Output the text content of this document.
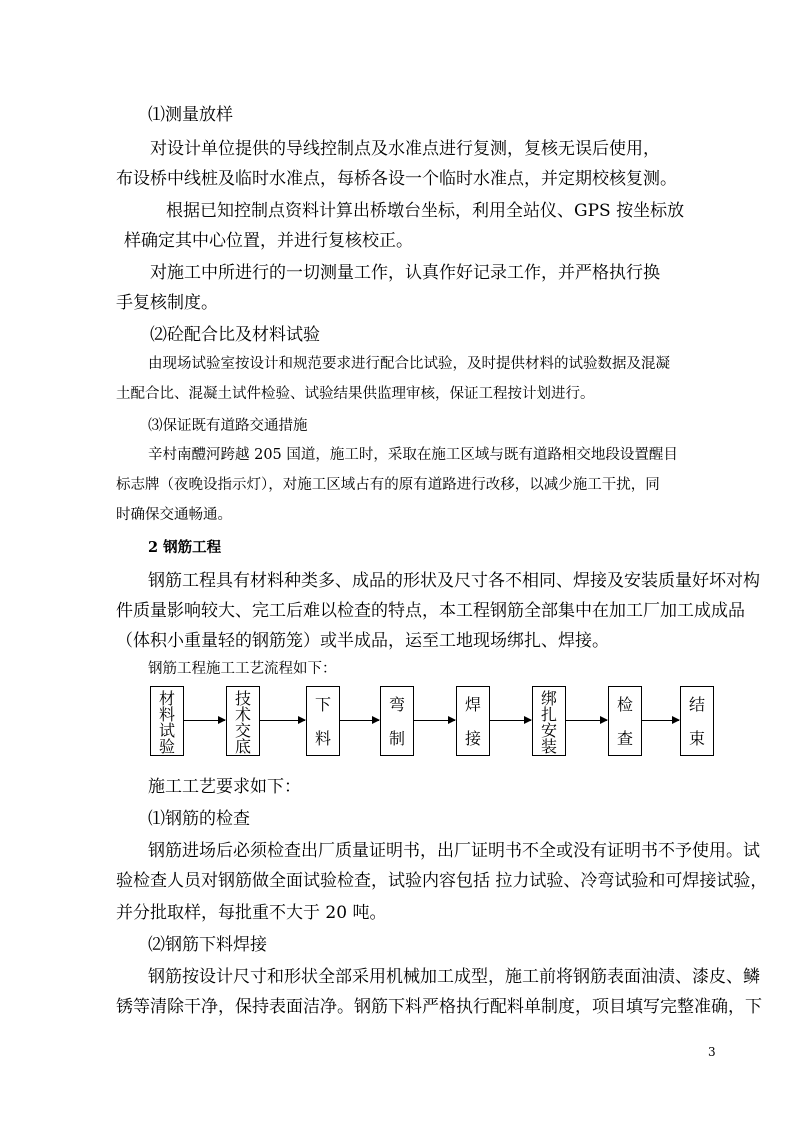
⑴测量放样
对设计单位提供的导线控制点及水准点进行复测，复核无误后使用，
布设桥中线桩及临时水准点，每桥各设一个临时水准点，并定期校核复测。
根据已知控制点资料计算出桥墩台坐标，利用全站仪、GPS 按坐标放
样确定其中心位置，并进行复核校正。
对施工中所进行的一切测量工作，认真作好记录工作，并严格执行换
手复核制度。
⑵砼配合比及材料试验
由现场试验室按设计和规范要求进行配合比试验，及时提供材料的试验数据及混凝
土配合比、混凝土试件检验、试验结果供监理审核，保证工程按计划进行。
⑶保证既有道路交通措施
辛村南醴河跨越 205 国道，施工时，采取在施工区域与既有道路相交地段设置醒目
标志牌（夜晚设指示灯），对施工区域占有的原有道路进行改移，以减少施工干扰，同
时确保交通畅通。
2 钢筋工程
钢筋工程具有材料种类多、成品的形状及尺寸各不相同、焊接及安装质量好坏对构
件质量影响较大、完工后难以检查的特点，本工程钢筋全部集中在加工厂加工成成品
（体积小重量轻的钢筋笼）或半成品，运至工地现场绑扎、焊接。
钢筋工程施工工艺流程如下：
材
料
试
验
技
术
交
底
下
料
弯
制
焊
接
绑
扎
安
装
检
查
结
束
施工工艺要求如下：
⑴钢筋的检查
钢筋进场后必须检查出厂质量证明书，出厂证明书不全或没有证明书不予使用。试
验检查人员对钢筋做全面试验检查，试验内容包括 拉力试验、冷弯试验和可焊接试验，
并分批取样，每批重不大于 20 吨。
⑵钢筋下料焊接
钢筋按设计尺寸和形状全部采用机械加工成型，施工前将钢筋表面油渍、漆皮、鳞
锈等清除干净，保持表面洁净。钢筋下料严格执行配料单制度，项目填写完整准确，下
3
